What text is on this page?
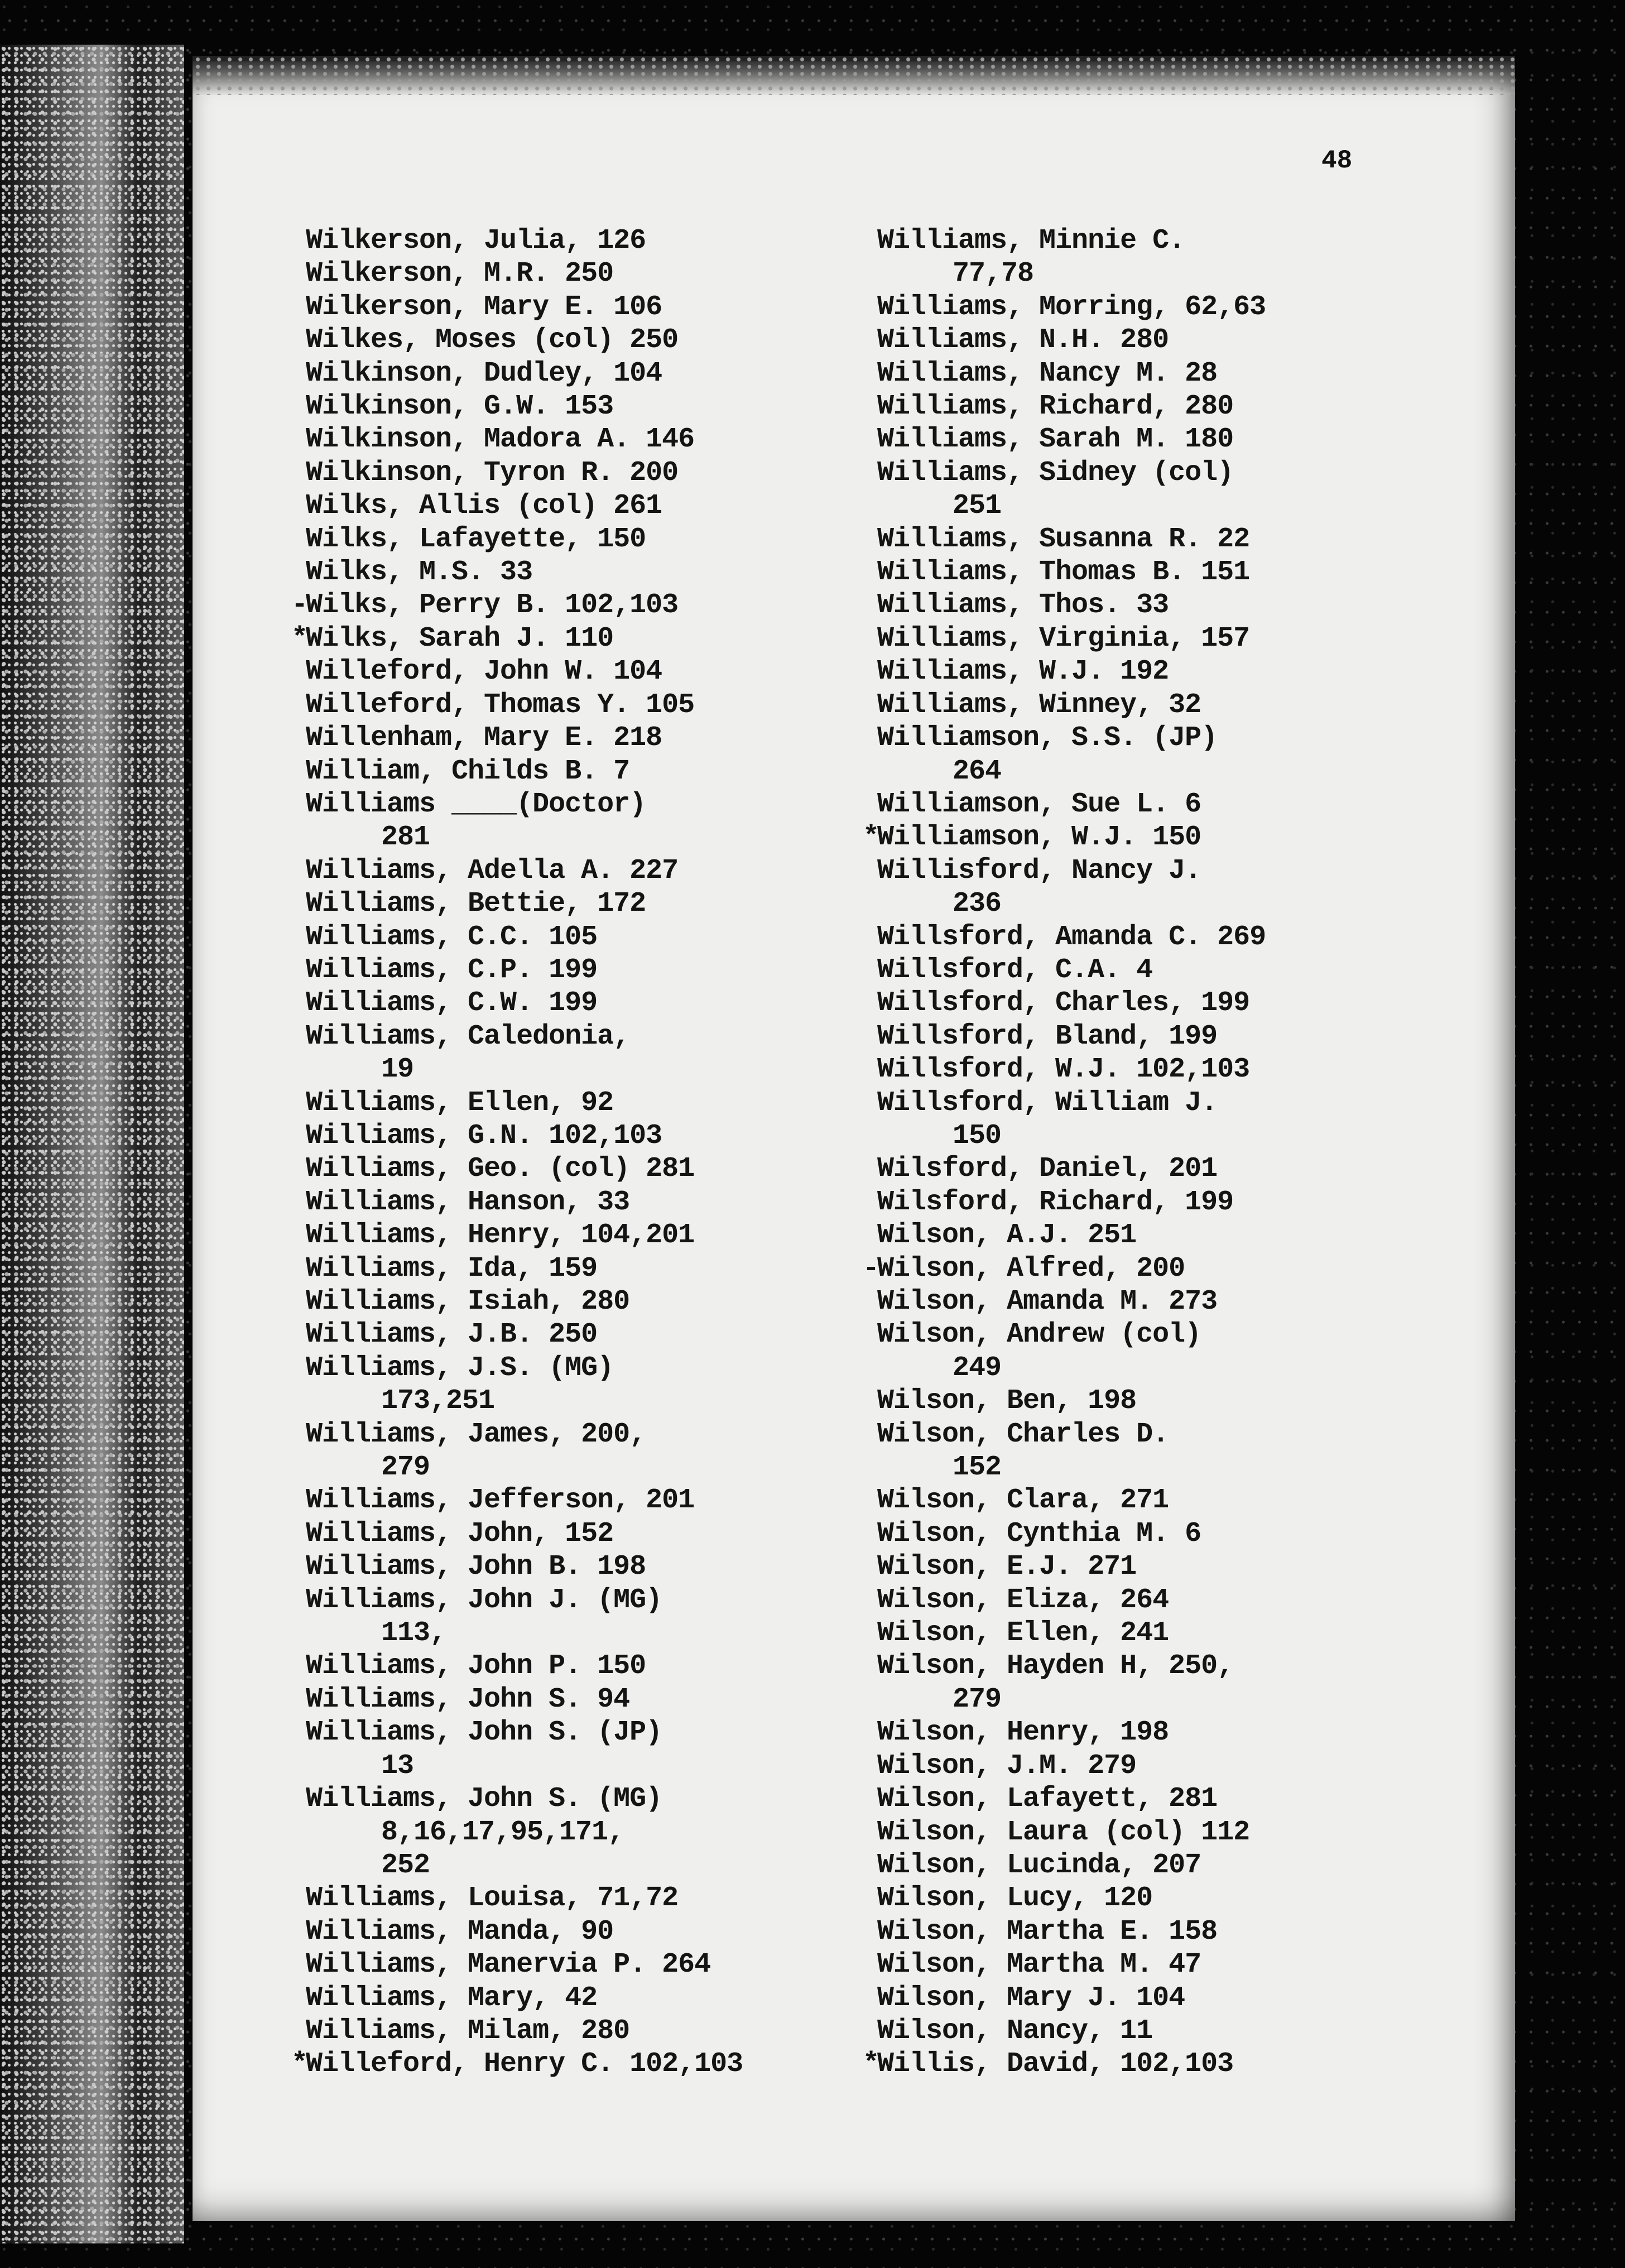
48
Wilkerson, Julia, 126
Wilkerson, M.R. 250
Wilkerson, Mary E. 106
Wilkes, Moses (col) 250
Wilkinson, Dudley, 104
Wilkinson, G.W. 153
Wilkinson, Madora A. 146
Wilkinson, Tyron R. 200
Wilks, Allis (col) 261
Wilks, Lafayette, 150
Wilks, M.S. 33
-
Wilks, Perry B. 102,103
*
Wilks, Sarah J. 110
Willeford, John W. 104
Willeford, Thomas Y. 105
Willenham, Mary E. 218
William, Childs B. 7
Williams ____(Doctor)
281
Williams, Adella A. 227
Williams, Bettie, 172
Williams, C.C. 105
Williams, C.P. 199
Williams, C.W. 199
Williams, Caledonia,
19
Williams, Ellen, 92
Williams, G.N. 102,103
Williams, Geo. (col) 281
Williams, Hanson, 33
Williams, Henry, 104,201
Williams, Ida, 159
Williams, Isiah, 280
Williams, J.B. 250
Williams, J.S. (MG)
173,251
Williams, James, 200,
279
Williams, Jefferson, 201
Williams, John, 152
Williams, John B. 198
Williams, John J. (MG)
113,
Williams, John P. 150
Williams, John S. 94
Williams, John S. (JP)
13
Williams, John S. (MG)
8,16,17,95,171,
252
Williams, Louisa, 71,72
Williams, Manda, 90
Williams, Manervia P. 264
Williams, Mary, 42
Williams, Milam, 280
*
Willeford, Henry C. 102,103
Williams, Minnie C.
77,78
Williams, Morring, 62,63
Williams, N.H. 280
Williams, Nancy M. 28
Williams, Richard, 280
Williams, Sarah M. 180
Williams, Sidney (col)
251
Williams, Susanna R. 22
Williams, Thomas B. 151
Williams, Thos. 33
Williams, Virginia, 157
Williams, W.J. 192
Williams, Winney, 32
Williamson, S.S. (JP)
264
Williamson, Sue L. 6
*
Williamson, W.J. 150
Willisford, Nancy J.
236
Willsford, Amanda C. 269
Willsford, C.A. 4
Willsford, Charles, 199
Willsford, Bland, 199
Willsford, W.J. 102,103
Willsford, William J.
150
Wilsford, Daniel, 201
Wilsford, Richard, 199
Wilson, A.J. 251
-
Wilson, Alfred, 200
Wilson, Amanda M. 273
Wilson, Andrew (col)
249
Wilson, Ben, 198
Wilson, Charles D.
152
Wilson, Clara, 271
Wilson, Cynthia M. 6
Wilson, E.J. 271
Wilson, Eliza, 264
Wilson, Ellen, 241
Wilson, Hayden H, 250,
279
Wilson, Henry, 198
Wilson, J.M. 279
Wilson, Lafayett, 281
Wilson, Laura (col) 112
Wilson, Lucinda, 207
Wilson, Lucy, 120
Wilson, Martha E. 158
Wilson, Martha M. 47
Wilson, Mary J. 104
Wilson, Nancy, 11
*
Willis, David, 102,103
